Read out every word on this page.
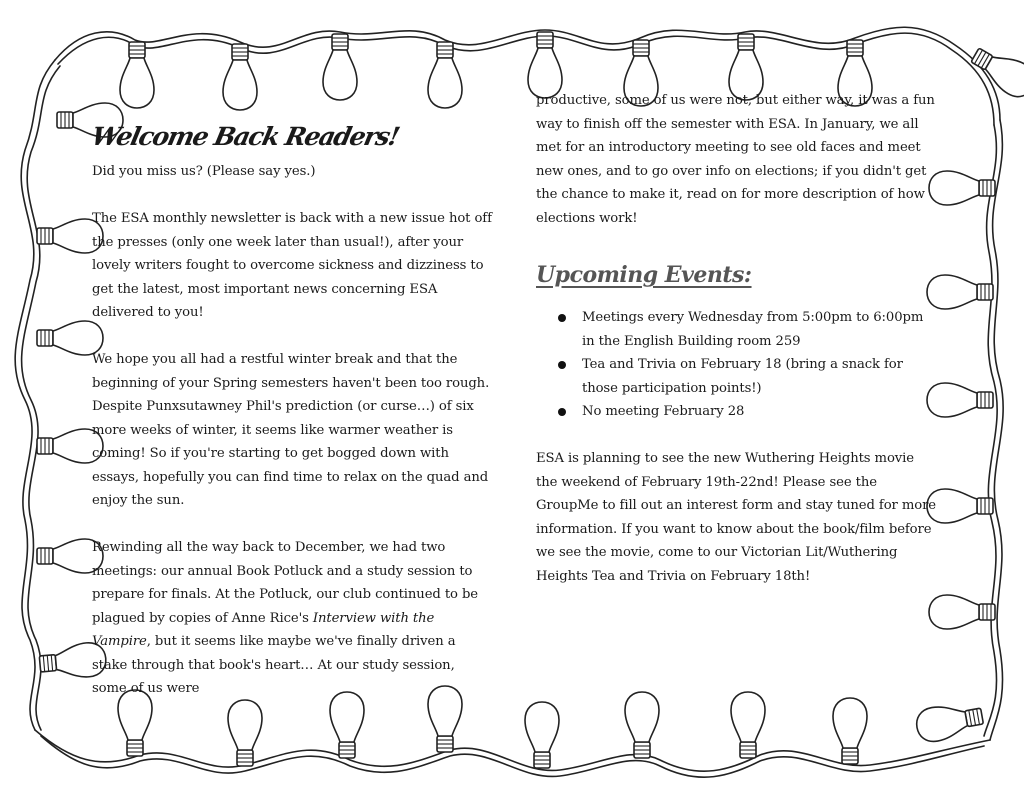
Welcome Back Readers!

Did you miss us? (Please say yes.)

The ESA monthly newsletter is back with a new issue hot off the presses (only one week later than usual!), after your lovely writers fought to overcome sickness and dizziness to get the latest, most important news concerning ESA delivered to you!

We hope you all had a restful winter break and that the beginning of your Spring semesters haven't been too rough. Despite Punxsutawney Phil's prediction (or curse…) of six more weeks of winter, it seems like warmer weather is coming! So if you're starting to get bogged down with essays, hopefully you can find time to relax on the quad and enjoy the sun.

Rewinding all the way back to December, we had two meetings: our annual Book Potluck and a study session to prepare for finals. At the Potluck, our club continued to be plagued by copies of Anne Rice's Interview with the Vampire, but it seems like maybe we've finally driven a stake through that book's heart… At our study session, some of us were

productive, some of us were not, but either way, it was a fun way to finish off the semester with ESA. In January, we all met for an introductory meeting to see old faces and meet new ones, and to go over info on elections; if you didn't get the chance to make it, read on for more description of how elections work!

Upcoming Events:
Meetings every Wednesday from 5:00pm to 6:00pm in the English Building room 259
Tea and Trivia on February 18 (bring a snack for those participation points!)
No meeting February 28

ESA is planning to see the new Wuthering Heights movie the weekend of February 19th-22nd! Please see the GroupMe to fill out an interest form and stay tuned for more information. If you want to know about the book/film before we see the movie, come to our Victorian Lit/Wuthering Heights Tea and Trivia on February 18th!
